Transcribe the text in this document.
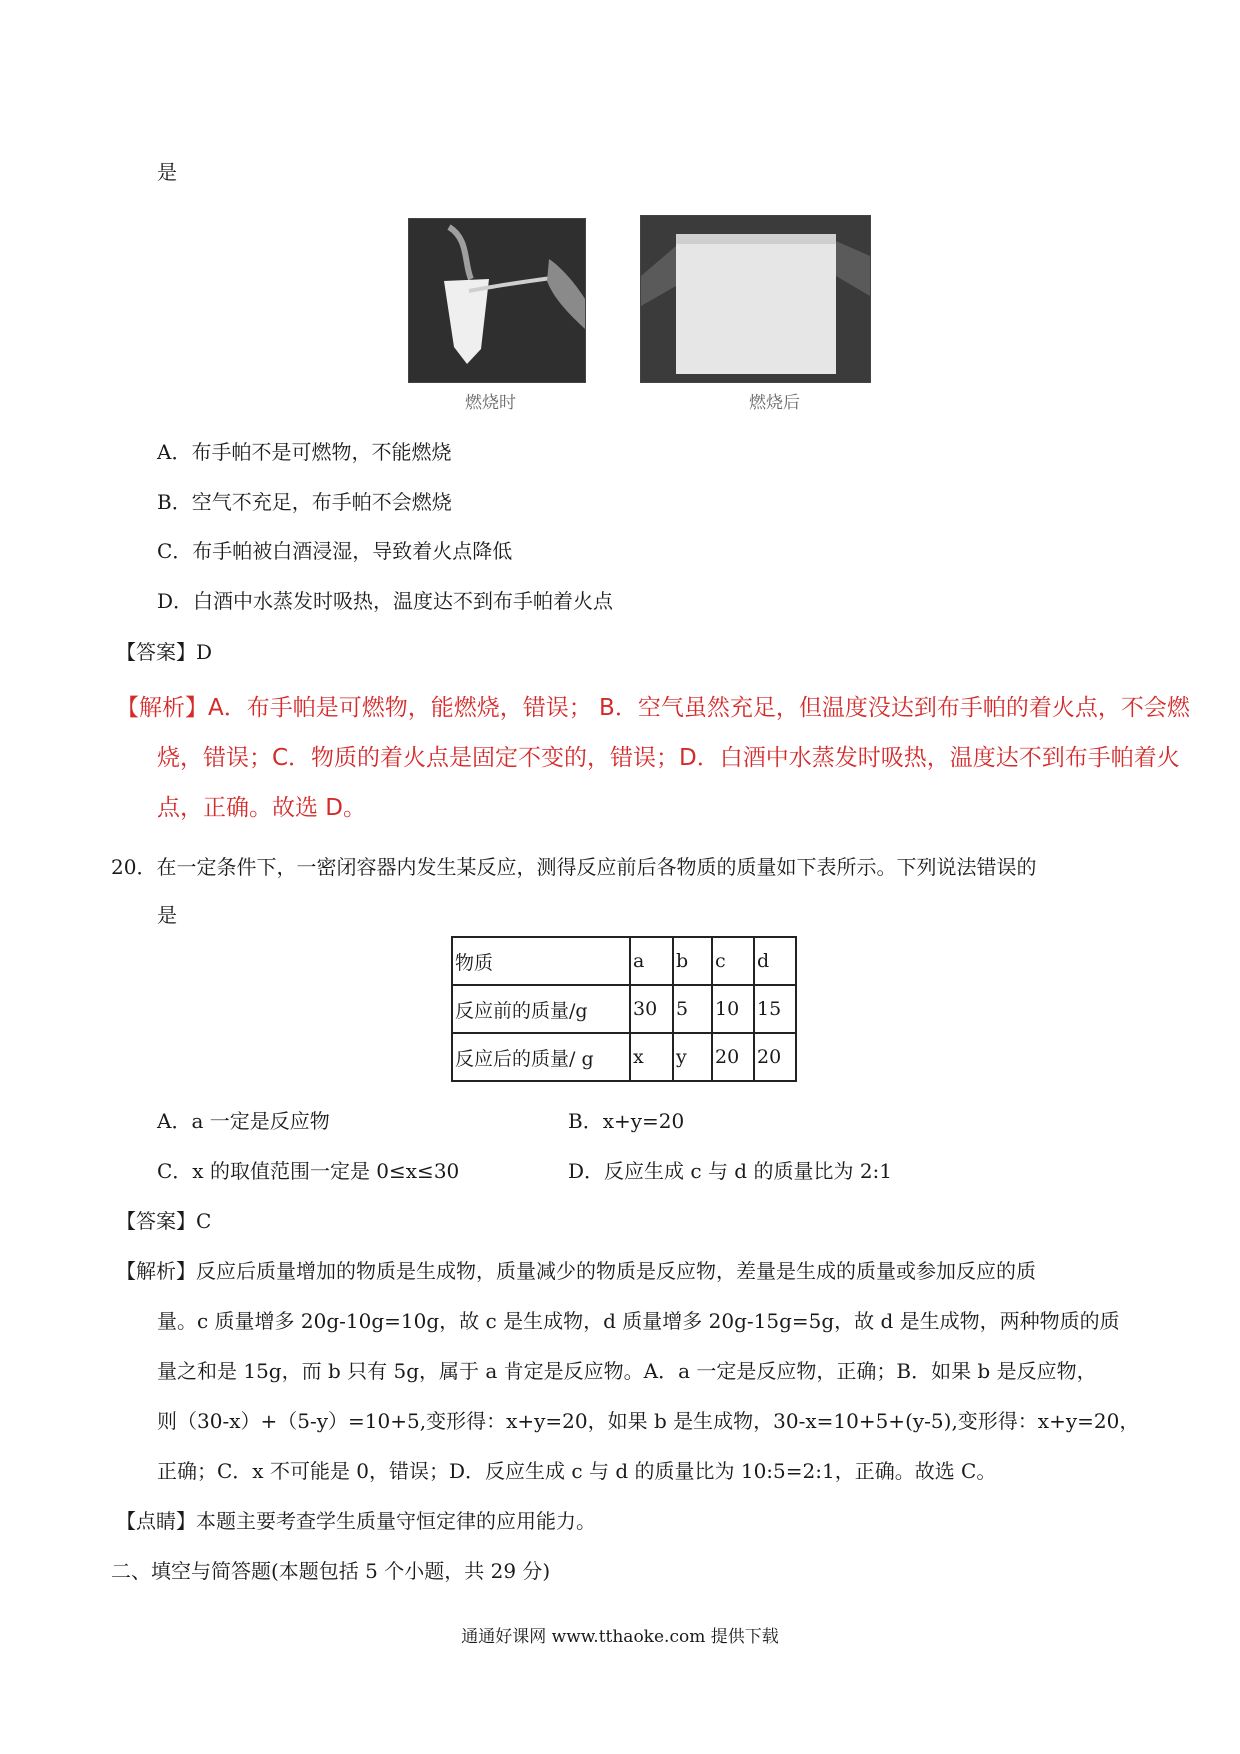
是
燃烧时	燃烧后
A．布手帕不是可燃物，不能燃烧
B．空气不充足，布手帕不会燃烧
C．布手帕被白酒浸湿，导致着火点降低
D．白酒中水蒸发时吸热，温度达不到布手帕着火点
【答案】D
【解析】A．布手帕是可燃物，能燃烧，错误； B．空气虽然充足，但温度没达到布手帕的着火点，不会燃
烧，错误；C．物质的着火点是固定不变的，错误；D．白酒中水蒸发时吸热，温度达不到布手帕着火
点，正确。故选 D。
20．在一定条件下，一密闭容器内发生某反应，测得反应前后各物质的质量如下表所示。下列说法错误的
是
物质	a	b	c	d
反应前的质量/g	30	5	10	15
反应后的质量/ g	x	y	20	20
A．a 一定是反应物	B．x+y=20
C．x 的取值范围一定是 0≤x≤30	D．反应生成 c 与 d 的质量比为 2:1
【答案】C
【解析】反应后质量增加的物质是生成物，质量减少的物质是反应物，差量是生成的质量或参加反应的质
量。c 质量增多 20g-10g=10g，故 c 是生成物，d 质量增多 20g-15g=5g，故 d 是生成物，两种物质的质
量之和是 15g，而 b 只有 5g，属于 a 肯定是反应物。A．a 一定是反应物，正确；B．如果 b 是反应物，
则（30-x）+（5-y）=10+5,变形得：x+y=20，如果 b 是生成物，30-x=10+5+(y-5),变形得：x+y=20，
正确；C．x 不可能是 0，错误；D．反应生成 c 与 d 的质量比为 10:5=2:1，正确。故选 C。
【点睛】本题主要考查学生质量守恒定律的应用能力。
二、填空与简答题(本题包括 5 个小题，共 29 分)
通通好课网 www.tthaoke.com 提供下载
